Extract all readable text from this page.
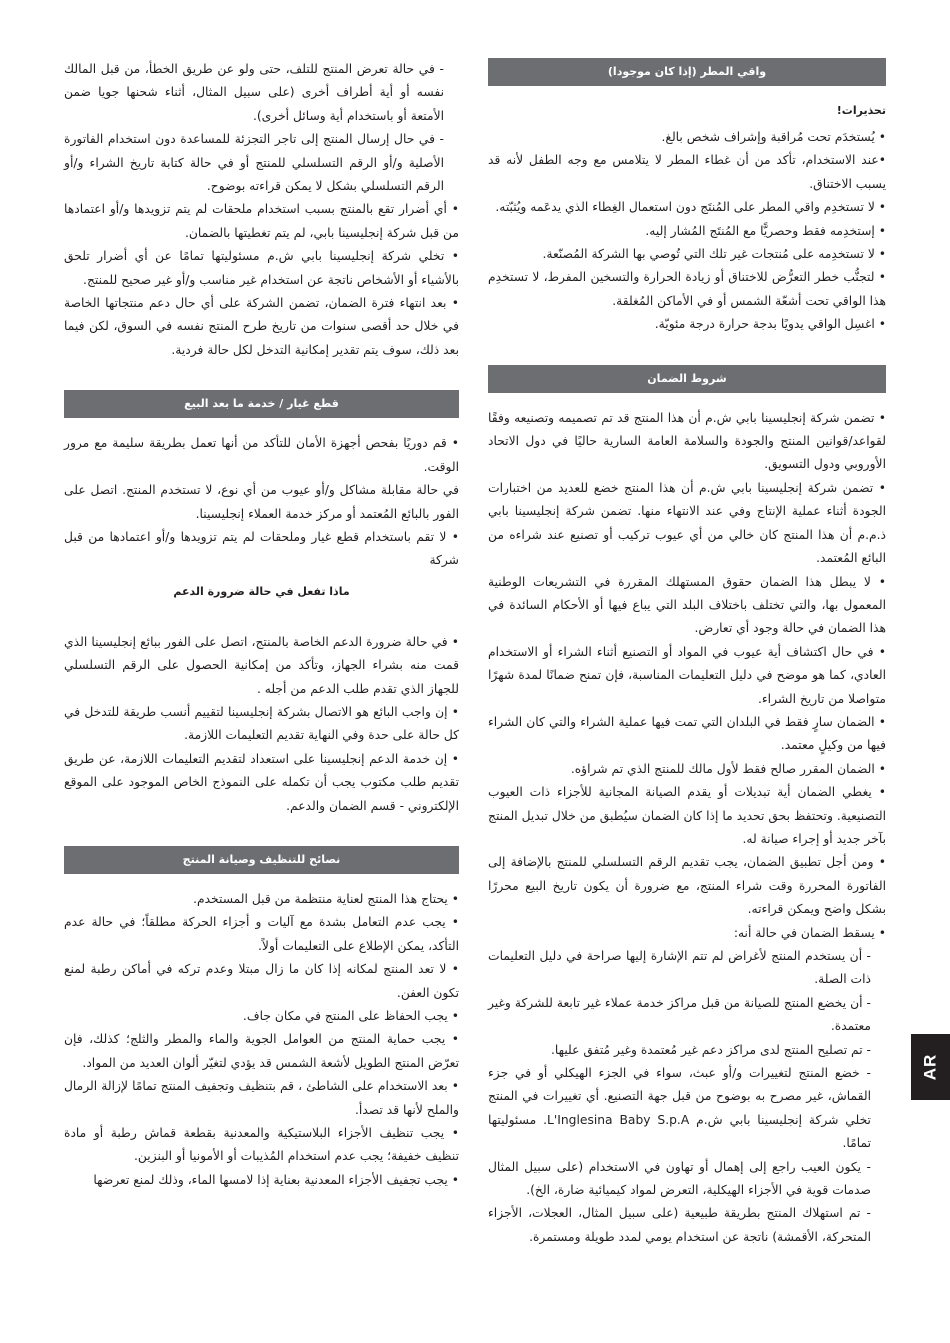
واقي المطر (إذا كان موجودا)
تحذيرات!

• يُستخدَم تحت مُراقبة وإشراف شخص بالغ.

•عند الاستخدام، تأكد من أن غطاء المطر لا يتلامس مع وجه الطفل لأنه قد يسبب الاختناق.

• لا تستخدِم واقي المطر على المُنتَج دون استعمال الغِطاء الذي يدعَمه ويُثبّته.

• إستخدِمه فقط وحصريًّا مع المُنتَج المُشار إليه.

• لا تستخدِمه على مُنتجات غير تلك التي تُوصي بها الشركة المُصنّعة.

• لتجنُّب خطر التعرُّض للاختناق أو زيادة الحرارة والتسخين المفرط، لا تستخدِم هذا الواقي تحت أشعّة الشمس أو في الأماكن المُغلقة.

• اغسِل الواقي يدويًا بدجة حرارة درجة مئويّة.

شروط الضمان

• تضمن شركة إنجليسينا بابي ش.م أن هذا المنتج قد تم تصميمه وتصنيعه وفقًا لقواعد/قوانين المنتج والجودة والسلامة العامة السارية حاليًا في دول الاتحاد الأوروبي ودول التسويق.

• تضمن شركة إنجليسينا بابي ش.م أن هذا المنتج خضع للعديد من اختبارات الجودة أثناء عملية الإنتاج وفي عند الانتهاء منها. تضمن شركة إنجليسينا بابي ذ.م.م أن هذا المنتج كان خالي من أي عيوب تركيب أو تصنيع عند شراءه من البائع المُعتمد.

• لا يبطل هذا الضمان حقوق المستهلك المقررة في التشريعات الوطنية المعمول بها، والتي تختلف باختلاف البلد التي يباع فيها أو الأحكام السائدة في هذا الضمان في حالة وجود أي تعارض.

• في حال اكتشاف أية عيوب في المواد أو التصنيع أثناء الشراء أو الاستخدام العادي، كما هو موضح في دليل التعليمات المناسبة، فإن تمنح ضمانًا لمدة شهرًا متواصلا من تاريخ الشراء.

• الضمان سارٍ فقط في البلدان التي تمت فيها عملية الشراء والتي كان الشراء فيها من وكيلٍ معتمد.

• الضمان المقرر صالح فقط لأول مالك للمنتج الذي تم شراؤه.

• يغطي الضمان أية تبديلات أو يقدم الصيانة المجانية للأجزاء ذات العيوب التصنيعية. وتحتفظ بحق تحديد ما إذا كان الضمان سيُطبق من خلال تبديل المنتج بآخر جديد أو إجراء صيانة له.

• ومن أجل تطبيق الضمان، يجب تقديم الرقم التسلسلي للمنتج بالإضافة إلى الفاتورة المحررة وقت شراء المنتج، مع ضرورة أن يكون تاريخ البيع محررًا بشكل واضح ويمكن قراءته.

• يسقط الضمان في حالة أنه:

- أن يستخدم المنتج لأغراض لم تتم الإشارة إليها صراحة في دليل التعليمات ذات الصلة.

- أن يخضع المنتج للصيانة من قبل مراكز خدمة عملاء غير تابعة للشركة وغير معتمدة.

- تم تصليح المنتج لدى مراكز دعم غير مُعتمدة وغير مُتفق عليها.

- خضع المنتج لتغييرات و/أو عبث، سواء في الجزء الهيكلي أو في جزء القماش، غير مصرح به بوضوح من قبل جهة التصنيع. أي تغييرات في المنتج تخلي شركة إنجليسينا بابي ش.م L'Inglesina Baby S.p.A. مسئوليتها تمامًا.

- يكون العيب راجع إلى إهمال أو تهاون في الاستخدام (على سبيل المثال صدمات قوية في الأجزاء الهيكلية، التعرض لمواد كيميائية ضارة، الخ).

- تم استهلاك المنتج بطريقة طبيعية (على سبيل المثال، العجلات، الأجزاء المتحركة، الأقمشة) ناتجة عن استخدام يومي لمدد طويلة ومستمرة.

- في حالة تعرض المنتج للتلف، حتى ولو عن طريق الخطأ، من قبل المالك نفسه أو أية أطراف أخرى (على سبيل المثال، أثناء شحنها جويا ضمن الأمتعة أو باستخدام أية وسائل أخرى).

- في حال إرسال المنتج إلى تاجر التجزئة للمساعدة دون استخدام الفاتورة الأصلية و/أو الرقم التسلسلي للمنتج أو في حالة كتابة تاريخ الشراء و/أو الرقم التسلسلي بشكل لا يمكن قراءته بوضوح.

• أي أضرار تقع بالمنتج بسبب استخدام ملحقات لم يتم تزويدها و/أو اعتمادها من قبل شركة إنجليسينا بابي، لم يتم تغطيتها بالضمان.

• تخلي شركة إنجليسينا بابي ش.م مسئوليتها تمامًا عن أي أضرار تلحق بالأشياء أو الأشخاص ناتجة عن استخدام غير مناسب و/أو غير صحيح للمنتج.

• بعد انتهاء فترة الضمان، تضمن الشركة على أي حال دعم منتجاتها الخاصة في خلال حد أقصى سنوات من تاريخ طرح المنتج نفسه في السوق، لكن فيما بعد ذلك، سوف يتم تقدير إمكانية التدخل لكل حالة فردية.

قطع غيار / خدمة ما بعد البيع

• قم دوريًا بفحص أجهزة الأمان للتأكد من أنها تعمل بطريقة سليمة مع مرور الوقت.

في حالة مقابلة مشاكل و/أو عيوب من أي نوع، لا تستخدم المنتج. اتصل على الفور بالبائع المُعتمد أو مركز خدمة العملاء إنجليسينا.

• لا تقم باستخدام قطع غيار وملحقات لم يتم تزويدها و/أو اعتمادها من قبل شركة

ماذا تفعل في حالة ضرورة الدعم

• في حالة ضرورة الدعم الخاصة بالمنتج، اتصل على الفور ببائع إنجليسينا الذي قمت منه بشراء الجهاز، وتأكد من إمكانية الحصول على الرقم التسلسلي للجهاز الذي تقدم طلب الدعم من أجله .

• إن واجب البائع هو الاتصال بشركة إنجليسينا لتقييم أنسب طريقة للتدخل في كل حالة على حدة وفي النهاية تقديم التعليمات اللازمة.

• إن خدمة الدعم إنجليسينا على استعداد لتقديم التعليمات اللازمة، عن طريق تقديم طلب مكتوب يجب أن تكمله على النموذج الخاص الموجود على الموقع الإلكتروني - قسم الضمان والدعم.

نصائح للتنظيف وصيانة المنتج

• يحتاج هذا المنتج لعناية منتظمة من قبل المستخدم.

• يجب عدم التعامل بشدة مع آليات و أجزاء الحركة مطلقاً؛ في حالة عدم التأكد، يمكن الإطلاع على التعليمات أولاً.

• لا تعد المنتج لمكانه إذا كان ما زال مبتلا وعدم تركه في أماكن رطبة لمنع تكون العفن.

• يجب الحفاظ على المنتج في مكان جاف.

• يجب حماية المنتج من العوامل الجوية والماء والمطر والثلج؛ كذلك، فإن تعرّض المنتج الطويل لأشعة الشمس قد يؤدي لتغيّر ألوان العديد من المواد.

• بعد الاستخدام على الشاطئ ، قم بتنظيف وتجفيف المنتج تمامًا لإزالة الرمال والملح لأنها قد تصدأ.

• يجب تنظيف الأجزاء البلاستيكية والمعدنية بقطعة قماش رطبة أو مادة تنظيف خفيفة؛ يجب عدم استخدام المُذيبات أو الأمونيا أو البنزين.

• يجب تجفيف الأجزاء المعدنية بعناية إذا لامسها الماء، وذلك لمنع تعرضها

AR
